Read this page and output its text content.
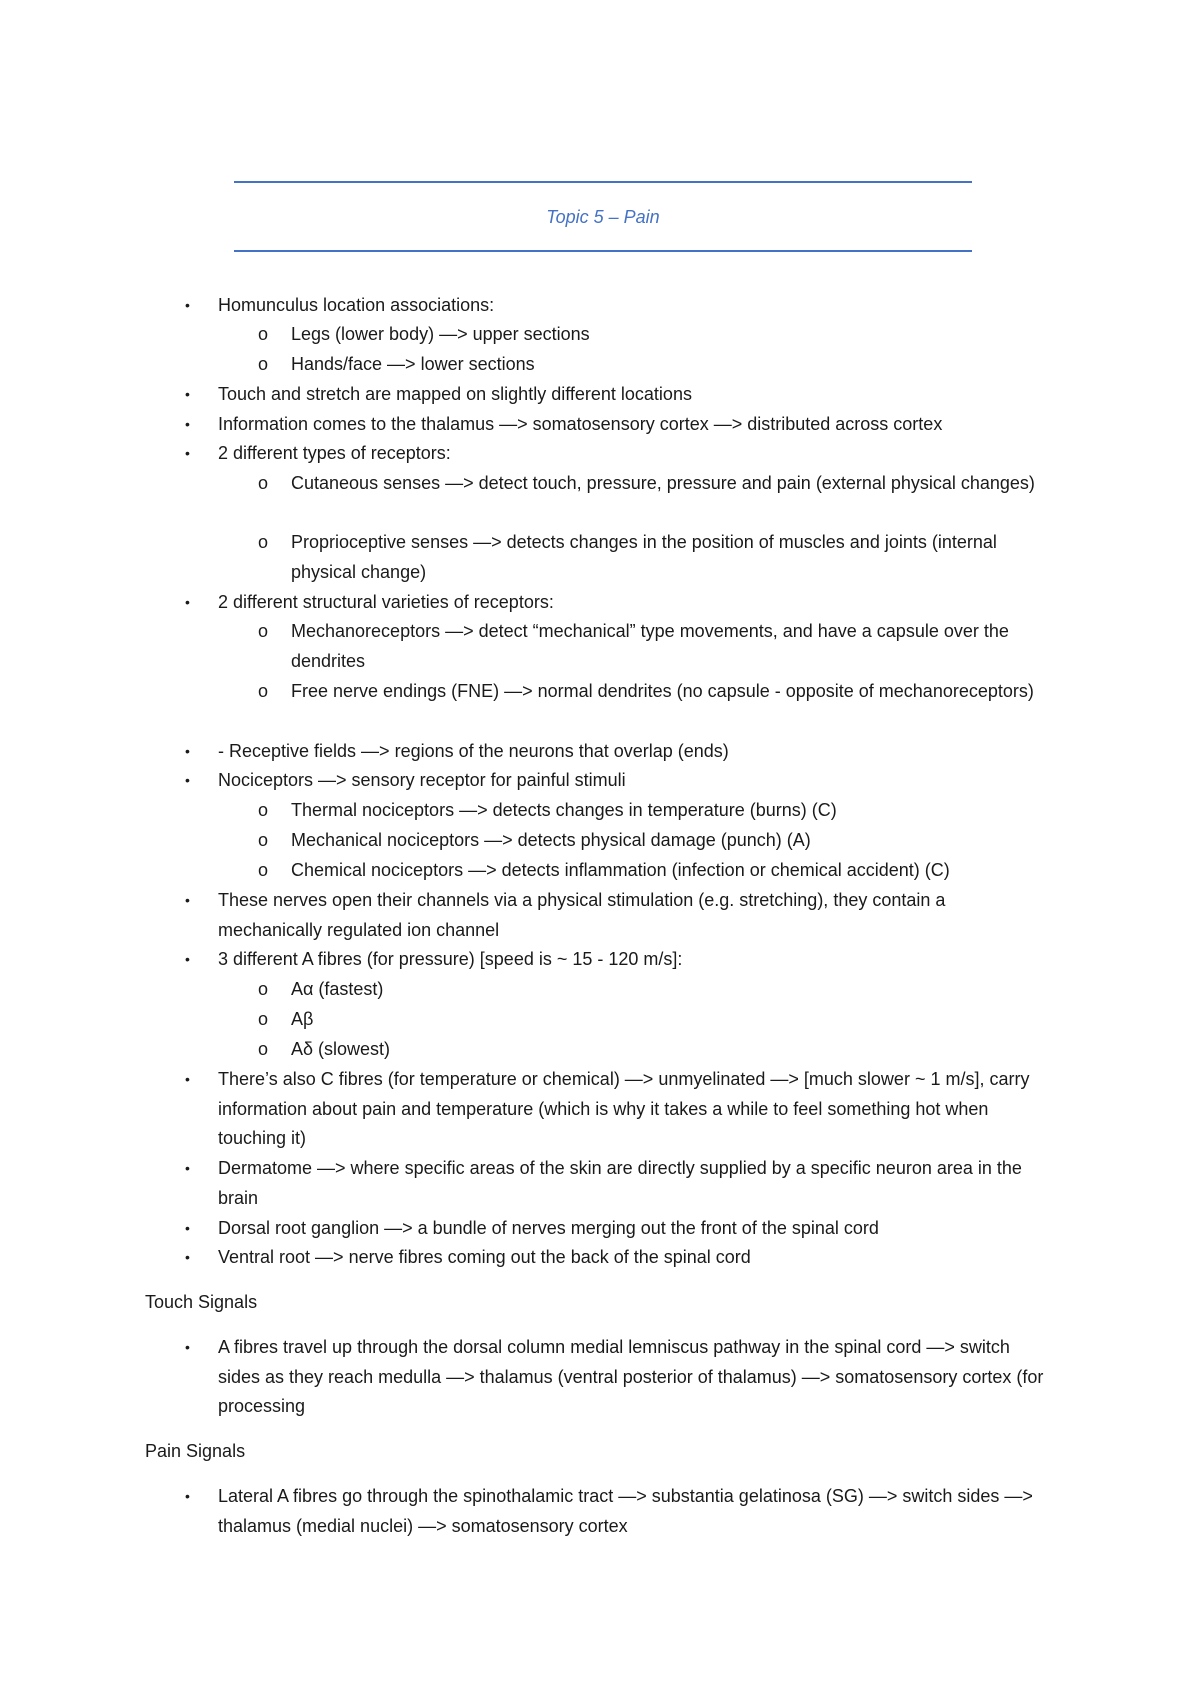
Topic 5 – Pain
• Homunculus location associations:
o Legs (lower body) —> upper sections
o Hands/face —> lower sections
• Touch and stretch are mapped on slightly different locations
• Information comes to the thalamus —> somatosensory cortex —> distributed across cortex
• 2 different types of receptors:
o Cutaneous senses —> detect touch, pressure, pressure and pain (external physical changes)
o Proprioceptive senses —> detects changes in the position of muscles and joints (internal physical change)
• 2 different structural varieties of receptors:
o Mechanoreceptors —> detect “mechanical” type movements, and have a capsule over the dendrites
o Free nerve endings (FNE) —> normal dendrites (no capsule - opposite of mechanoreceptors)
• - Receptive fields —> regions of the neurons that overlap (ends)
• Nociceptors —> sensory receptor for painful stimuli
o Thermal nociceptors —> detects changes in temperature (burns) (C)
o Mechanical nociceptors —> detects physical damage (punch) (A)
o Chemical nociceptors —> detects inflammation (infection or chemical accident) (C)
• These nerves open their channels via a physical stimulation (e.g. stretching), they contain a mechanically regulated ion channel
• 3 different A fibres (for pressure) [speed is ~ 15 - 120 m/s]:
o Aα (fastest)
o Aβ
o Aδ (slowest)
• There’s also C fibres (for temperature or chemical) —> unmyelinated —> [much slower ~ 1 m/s], carry information about pain and temperature (which is why it takes a while to feel something hot when touching it)
• Dermatome —> where specific areas of the skin are directly supplied by a specific neuron area in the brain
• Dorsal root ganglion —> a bundle of nerves merging out the front of the spinal cord
• Ventral root —> nerve fibres coming out the back of the spinal cord
Touch Signals
• A fibres travel up through the dorsal column medial lemniscus pathway in the spinal cord —> switch sides as they reach medulla —> thalamus (ventral posterior of thalamus) —> somatosensory cortex (for processing
Pain Signals
• Lateral A fibres go through the spinothalamic tract —> substantia gelatinosa (SG) —> switch sides —> thalamus (medial nuclei) —> somatosensory cortex
